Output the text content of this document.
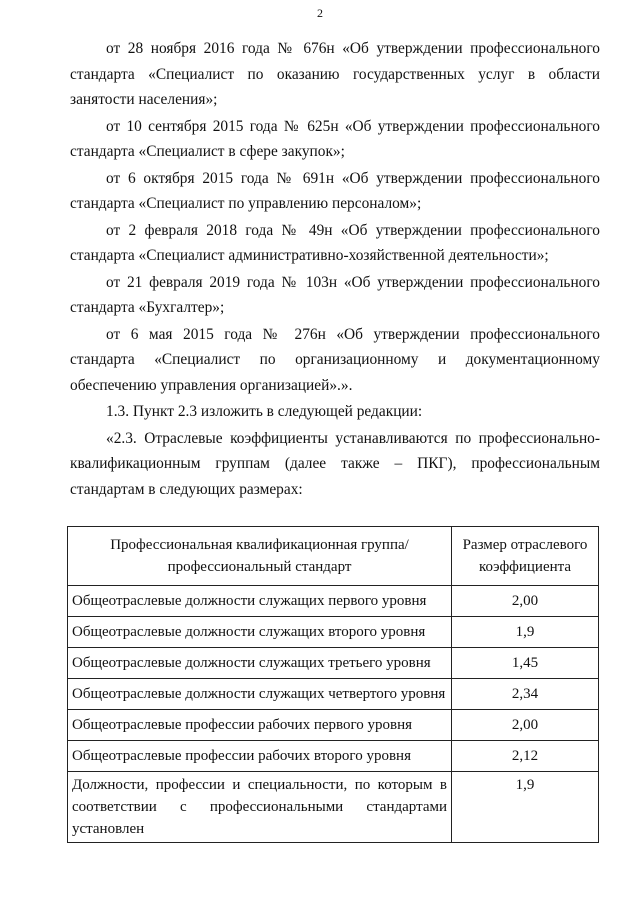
2

от 28 ноября 2016 года № 676н «Об утверждении профессионального стандарта «Специалист по оказанию государственных услуг в области занятости населения»;

от 10 сентября 2015 года № 625н «Об утверждении профессионального стандарта «Специалист в сфере закупок»;

от 6 октября 2015 года № 691н «Об утверждении профессионального стандарта «Специалист по управлению персоналом»;

от 2 февраля 2018 года № 49н «Об утверждении профессионального стандарта «Специалист административно-хозяйственной деятельности»;

от 21 февраля 2019 года № 103н «Об утверждении профессионального стандарта «Бухгалтер»;

от 6 мая 2015 года № 276н «Об утверждении профессионального стандарта «Специалист по организационному и документационному обеспечению управления организацией».».

1.3. Пункт 2.3 изложить в следующей редакции:

«2.3. Отраслевые коэффициенты устанавливаются по профессионально-квалификационным группам (далее также – ПКГ), профессиональным стандартам в следующих размерах:

Профессиональная квалификационная группа/профессиональный стандарт	Размер отраслевого коэффициента
Общеотраслевые должности служащих первого уровня	2,00
Общеотраслевые должности служащих второго уровня	1,9
Общеотраслевые должности служащих третьего уровня	1,45
Общеотраслевые должности служащих четвертого уровня	2,34
Общеотраслевые профессии рабочих первого уровня	2,00
Общеотраслевые профессии рабочих второго уровня	2,12
Должности, профессии и специальности, по которым в соответствии с профессиональными стандартами установлен	1,9
